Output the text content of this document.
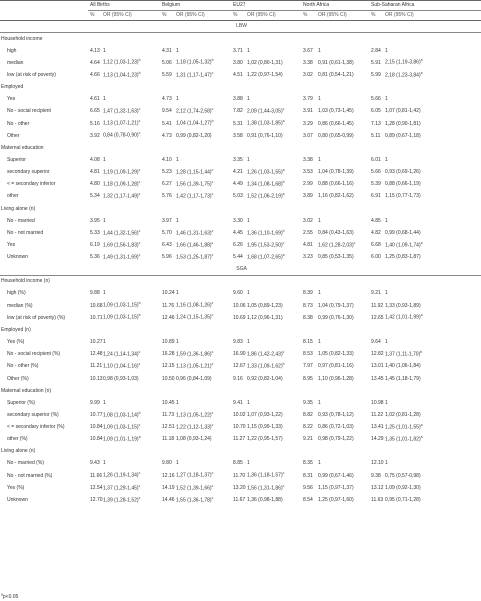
	All Births		Belgium		EU27		North Africa		Sub-Saharan Africa	

	%	OR (95% CI)	%	OR (95% CI)	%	OR (95% CI)	%	OR (95% CI)	%	OR (95% CI)
LBW										
Household income										
high	4.13	1	4.31	1	3.71	1	3.67	1	2.84	1
median	4.64	1,12 $(1,03-1,23)^b$	5.06	1,18 $(1,05-1,32)^b$	3.80	1,02 (0,80-1,31)	3.38	0,91 (0,61-1,38)	5.91	2,15 $(1,19-3,86)^a$
low (at risk of poverty)	4.66	1,13 $(1,04-1,23)^b$	5.59	1,31 $(1,17-1,47)^c$	4.51	1,22 (0,97-1,54)	3.02	0,81 (0,54-1,21)	5.99	2,18 $(1,23-3,84)^a$
Employed										
Yes	4.61	1	4.73	1	3.88	1	3.79	1	5.66	1
No - social recipient	6.65	1,47 $(1,32-1,63)^c$	9.54	2,12 $(1,74-2,58)^c$	7.82	2,09 $(1,44-3,05)^c$	3.91	1,03 (0,73-1,45)	6.05	1,07 (0,81-1,42)
No - other	5.16	1,13 $(1,07-1,21)^c$	5.41	1,04 $(1,04-1,27)^b$	5.31	1,38 $(1,03-1,85)^a$	3.29	0,86 (0,66-1,45)	7.13	1,28 (0,90-1,81)
Other	3.92	0,84 $(0,78-0,90)^c$	4.73	0,99 (0,82-1,20)	3.58	0,91 (0,76-1,10)	3.07	0,80 (0,65-0,99)	5.11	0,89 (0,67-1,18)
Maternal education										
Superior	4.08	1	4.10	1	3.35	1	3.38	1	6.01	1
secondary superior	4.81	1,19 $(1,09-1,29)^c$	5.23	1,28 $(1,15-1,44)^c$	4.21	1,26 $(1,03-1,55)^a$	3.53	1,04 (0,78-1,39)	5.66	0,93 (0,69-1,26)
< = secondary inferior	4.80	1,18 $(1,09-1,28)^c$	6.27	1,56 $(1,39-1,75)^c$	4.49	1,34 $(1,08-1,68)^b$	2.99	0,88 (0,66-1,16)	5.39	0,88 (0,66-1,19)
other	5.34	1,32 $(1,17-1,49)^c$	5.76	1,42 $(1,17-1,73)^c$	5.03	1,52 $(1,06-2,19)^a$	3.89	1,16 (0,82-1,62)	6.91	1,15 (0,77-1,73)
Living alone (n)										
No - married	3.95	1	3.97	1	3.30	1	3.02	1	4.85	1
No - not married	5.33	1,44 $(1,32-1,56)^c$	5.70	1,46 $(1,31-1,63)^c$	4.45	1,36 $(1,10-1,69)^b$	2.55	0,84 (0,43-1,63)	4.82	0,99 (0,68-1,44)
Yes	6.19	1,69 $(1,56-1,83)^c$	6.43	1,66 $(1,46-1,88)^c$	6.26	1,95 $(1,53-2,50)^c$	4.81	1,62 $(1,28-2,03)^c$	6.68	1,40 $(1,09-1,74)^a$
Unknown	5.36	1,49 $(1,31-1,69)^c$	5.96	1,53 $(1,25-1,87)^c$	5.44	1,68 $(1,07-2,65)^a$	3.23	0,85 (0,53-1,35)	6.00	1,25 (0,83-1,87)
SGA										
Household income (n)										
high (%)	9.88	1	10.24	1	9.60	1	8.39	1	9.21	1
median (%)	10.68	1,09 $(1,03-1,15)^b$	11.76	1,16 $(1,08-1,26)^c$	10.06	1,05 (0,89-1,23)	8.73	1,04 (0,79-1,37)	11.92	1,33 (0,93-1,89)
low (at risk of poverty) (%)	10.71	1,09 $(1,03-1,15)^b$	12.46	1,24 $(1,15-1,35)^c$	10.69	1,12 (0,96-1,31)	8.38	0,99 (0,76-1,30)	12.65	1,42 $(1,01-1,99)^a$
Employed (n)										
Yes (%)	10.27	1	10.89	1	9.83	1	8.15	1	9.64	1
No - social recipient (%)	12.48	1,24 $(1,14-1,34)^c$	16.28	1,59 $(1,36-1,86)^c$	16.90	1,86 $(1,42-2,43)^c$	8.53	1,05 (0,82-1,33)	12.82	1,37 $(1,11-1,70)^b$
No - other (%)	11.21	1,10 $(1,04-1,16)^c$	12.15	1,13 $(1,05-1,21)^c$	12.67	1,33 $(1,09-1,62)^b$	7.97	0,97 (0,81-1,16)	13.01	1,40 (1,06-1,84)
Other (%)	10.13	0,98 (0,93-1,03)	10.50	0,96 (0,84-1,09)	9.16	0,92 (0,82-1,04)	8.95	1,10 (0,96-1,28)	13.45	1,45 (1,18-1,79)
Maternal education (n)										
Superior (%)	9.99	1	10.45	1	9.41	1	9.35	1	10.98	1
secondary superior (%)	10.77	1,08 $(1,03-1,14)^b$	11.73	1,13 $(1,05-1,22)^c$	10.02	1,07 (0,93-1,22)	8.82	0,93 (0,78-1,12)	11.22	1,02 (0,81-1,28)
< = secondary inferior (%)	10.84	1,09 $(1,03-1,15)^c$	12.51	1,22 $(1,12-1,33)^c$	10.70	1,15 (0,99-1,33)	8.22	0,86 (0,72-1,03)	13.41	1,25 $(1,01-1,55)^a$
other (%)	10.84	1,09 $(1,01-1,19)^a$	11.18	1,08 (0,93-1,24)	11.27	1,22 (0,95-1,57)	9.21	0,98 (0,79-1,22)	14.29	1,35 $(1,01-1,82)^a$
Living alone (n)										
No - married (%)	9.43	1	9.80	1	8.85	1	8.35	1	12.10	1
No - not married (%)	11.66	1,26 $(1,19-1,34)^c$	12.16	1,27 $(1,18-1,37)^c$	11.70	1,36 $(1,18-1,57)^c$	8.31	0,99 (0,67-1,46)	9.38	0,75 (0,57-0,98)
Yes (%)	12.54	1,37 $(1,29-1,45)^c$	14.19	1,52 $(1,39-1,66)^c$	13.20	1,56 $(1,31-1,86)^c$	9.56	1,15 (0,97-1,37)	13.12	1,09 (0,92-1,30)
Unknown	12.70	1,39 $(1,28-1,52)^c$	14.46	1,55 $(1,36-1,78)^c$	11.67	1,36 (0,98-1,88)	8.54	1,25 (0,97-1,60)	11.63	0,95 (0,71-1,28)
$^a$p<0.05
